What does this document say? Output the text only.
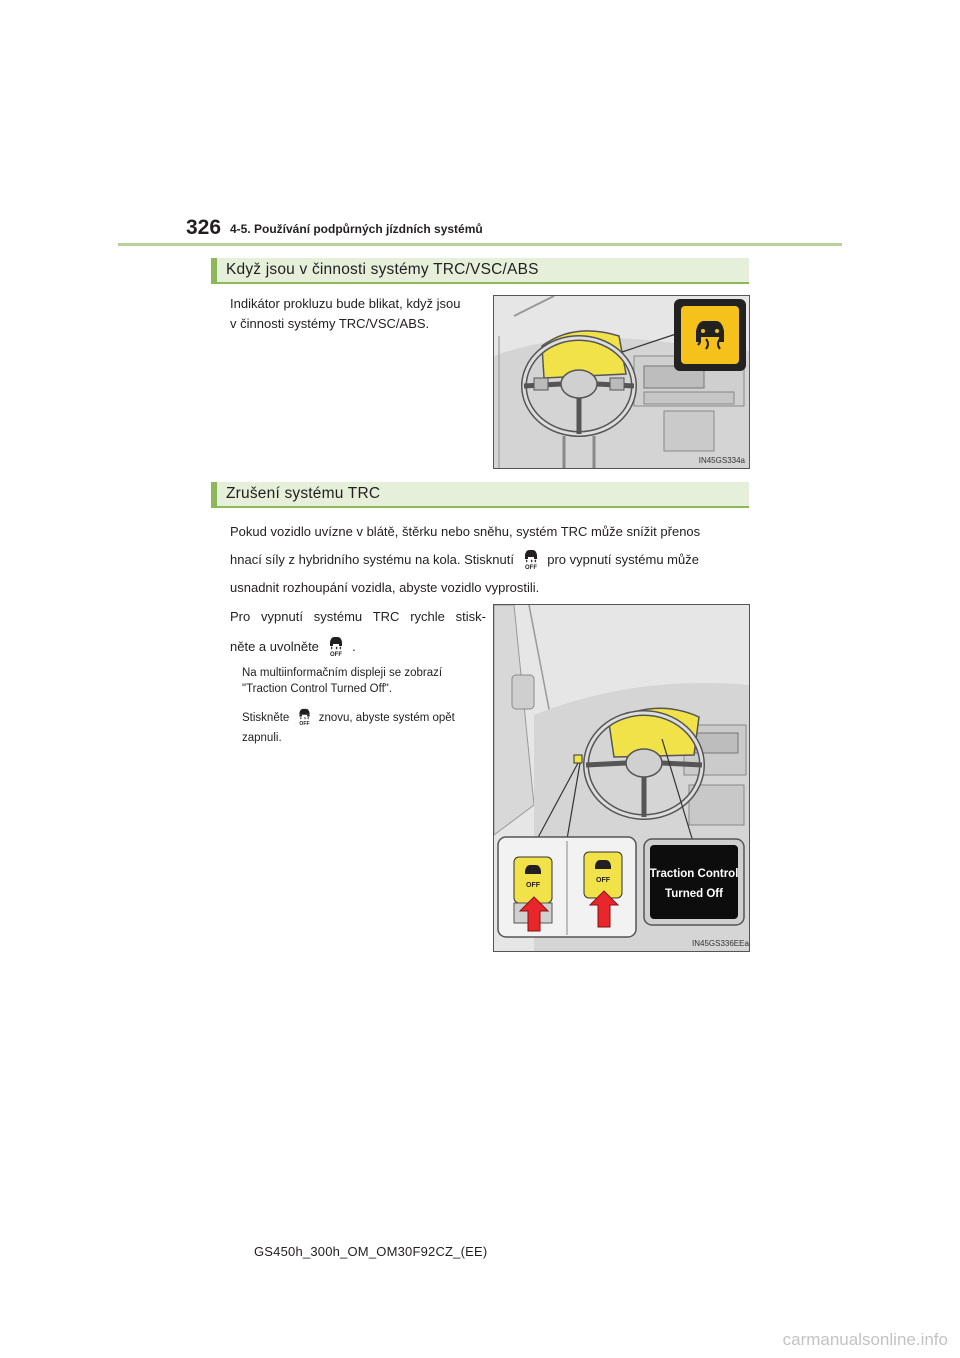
326 4-5. Používání podpůrných jízdních systémů
Když jsou v činnosti systémy TRC/VSC/ABS
Indikátor prokluzu bude blikat, když jsou
v činnosti systémy TRC/VSC/ABS.
IN45GS334a
Zrušení systému TRC
Pokud vozidlo uvízne v blátě, štěrku nebo sněhu, systém TRC může snížit přenos
hnací síly z hybridního systému na kola. Stisknutí
OFF
pro vypnutí systému může
usnadnit rozhoupání vozidla, abyste vozidlo vyprostili.
Pro vypnutí systému TRC rychle stisk-
něte a uvolněte
OFF
.
Na multiinformačním displeji se zobrazí
"Traction Control Turned Off".
Stiskněte OFF znovu, abyste systém opět
zapnuli.
OFF
OFF
Traction Control
Turned Off
IN45GS336EEa
GS450h_300h_OM_OM30F92CZ_(EE)
carmanualsonline.info
